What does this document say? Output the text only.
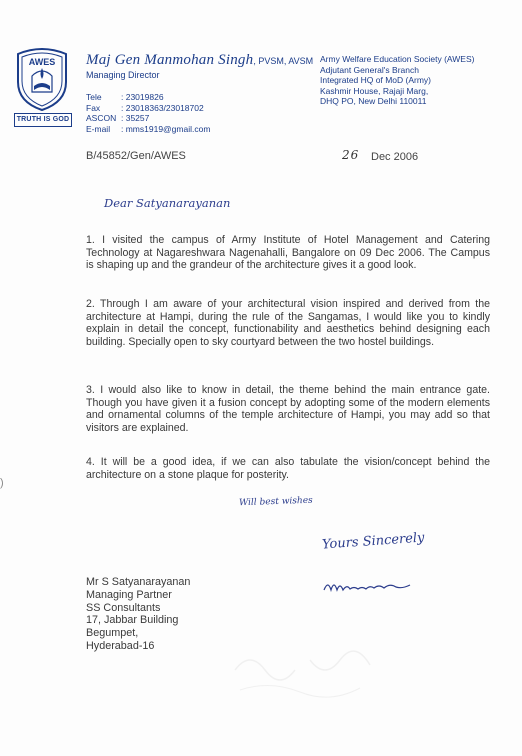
AWES
TRUTH IS GOD
Maj Gen Manmohan Singh, PVSM, AVSM
Managing Director
Tele	: 23019826
Fax	: 23018363/23018702
ASCON : 35257
E-mail	: mms1919@gmail.com
Army Welfare Education Society (AWES)
Adjutant General's Branch
Integrated HQ of MoD (Army)
Kashmir House, Rajaji Marg,
DHQ PO, New Delhi 110011
B/45852/Gen/AWES	26 Dec 2006
Dear Satyanarayanan
1. I visited the campus of Army Institute of Hotel Management and Catering Technology at Nagareshwara Nagenahalli, Bangalore on 09 Dec 2006. The Campus is shaping up and the grandeur of the architecture gives it a good look.
2. Through I am aware of your architectural vision inspired and derived from the architecture at Hampi, during the rule of the Sangamas, I would like you to kindly explain in detail the concept, functionability and aesthetics behind designing each building. Specially open to sky courtyard between the two hostel buildings.
3. I would also like to know in detail, the theme behind the main entrance gate. Though you have given it a fusion concept by adopting some of the modern elements and ornamental columns of the temple architecture of Hampi, you may add so that visitors are explained.
4. It will be a good idea, if we can also tabulate the vision/concept behind the architecture on a stone plaque for posterity.
)
Will best wishes
Yours Sincerely
Mr S Satyanarayanan
Managing Partner
SS Consultants
17, Jabbar Building
Begumpet,
Hyderabad-16
